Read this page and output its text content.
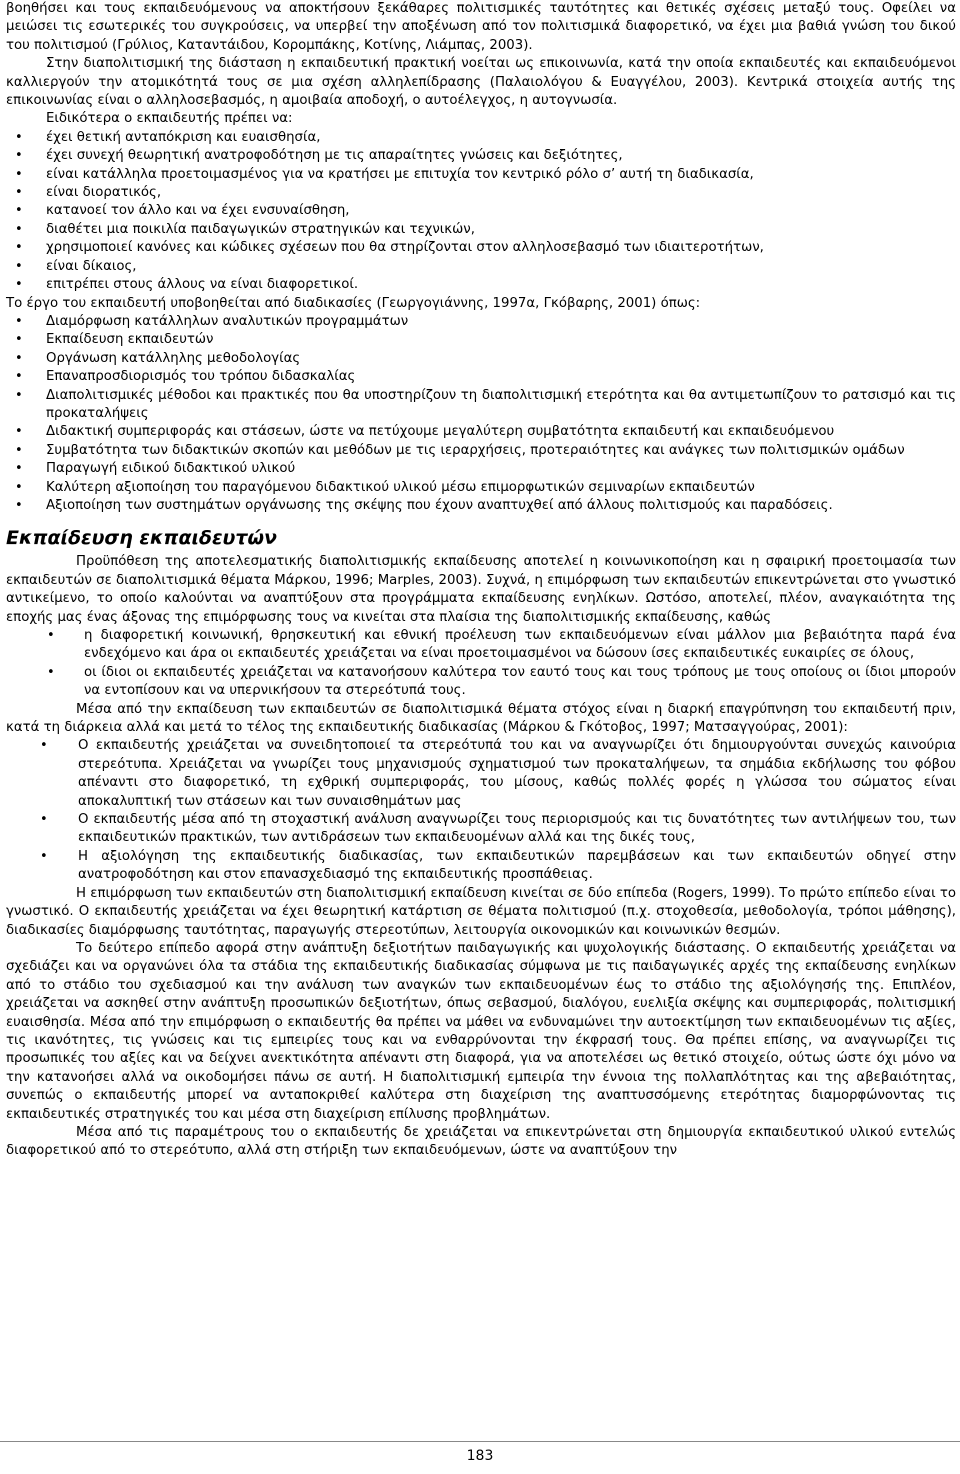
βοηθήσει και τους εκπαιδευόμενους να αποκτήσουν ξεκάθαρες πολιτισμικές ταυτότητες και θετικές σχέσεις μεταξύ τους. Οφείλει να μειώσει τις εσωτερικές του συγκρούσεις, να υπερβεί την αποξένωση από τον πολιτισμικά διαφορετικό, να έχει μια βαθιά γνώση του δικού του πολιτισμού (Γρύλιος, Καταντάιδου, Κορομπάκης, Κοτίνης, Λιάμπας, 2003).

Στην διαπολιτισμική της διάσταση η εκπαιδευτική πρακτική νοείται ως επικοινωνία, κατά την οποία εκπαιδευτές και εκπαιδευόμενοι καλλιεργούν την ατομικότητά τους σε μια σχέση αλληλεπίδρασης (Παλαιολόγου & Ευαγγέλου, 2003). Κεντρικά στοιχεία αυτής της επικοινωνίας είναι ο αλληλοσεβασμός, η αμοιβαία αποδοχή, ο αυτοέλεγχος, η αυτογνωσία.

Ειδικότερα ο εκπαιδευτής πρέπει να:

• έχει θετική ανταπόκριση και ευαισθησία,
• έχει συνεχή θεωρητική ανατροφοδότηση με τις απαραίτητες γνώσεις και δεξιότητες,
• είναι κατάλληλα προετοιμασμένος για να κρατήσει με επιτυχία τον κεντρικό ρόλο σ’ αυτή τη διαδικασία,
• είναι διορατικός,
• κατανοεί τον άλλο και να έχει ενσυναίσθηση,
• διαθέτει μια ποικιλία παιδαγωγικών στρατηγικών και τεχνικών,
• χρησιμοποιεί κανόνες και κώδικες σχέσεων που θα στηρίζονται στον αλληλοσεβασμό των ιδιαιτεροτήτων,
• είναι δίκαιος,
• επιτρέπει στους άλλους να είναι διαφορετικοί.

Το έργο του εκπαιδευτή υποβοηθείται από διαδικασίες (Γεωργογιάννης, 1997α, Γκόβαρης, 2001) όπως:

• Διαμόρφωση κατάλληλων αναλυτικών προγραμμάτων
• Εκπαίδευση εκπαιδευτών
• Οργάνωση κατάλληλης μεθοδολογίας
• Επαναπροσδιορισμός του τρόπου διδασκαλίας
• Διαπολιτισμικές μέθοδοι και πρακτικές που θα υποστηρίζουν τη διαπολιτισμική ετερότητα και θα αντιμετωπίζουν το ρατσισμό και τις προκαταλήψεις
• Διδακτική συμπεριφοράς και στάσεων, ώστε να πετύχουμε μεγαλύτερη συμβατότητα εκπαιδευτή και εκπαιδευόμενου
• Συμβατότητα των διδακτικών σκοπών και μεθόδων με τις ιεραρχήσεις, προτεραιότητες και ανάγκες των πολιτισμικών ομάδων
• Παραγωγή ειδικού διδακτικού υλικού
• Καλύτερη αξιοποίηση του παραγόμενου διδακτικού υλικού μέσω επιμορφωτικών σεμιναρίων εκπαιδευτών
• Αξιοποίηση των συστημάτων οργάνωσης της σκέψης που έχουν αναπτυχθεί από άλλους πολιτισμούς και παραδόσεις.
Εκπαίδευση εκπαιδευτών

Προϋπόθεση της αποτελεσματικής διαπολιτισμικής εκπαίδευσης αποτελεί η κοινωνικοποίηση και η σφαιρική προετοιμασία των εκπαιδευτών σε διαπολιτισμικά θέματα Μάρκου, 1996; Marples, 2003). Συχνά, η επιμόρφωση των εκπαιδευτών επικεντρώνεται στο γνωστικό αντικείμενο, το οποίο καλούνται να αναπτύξουν στα προγράμματα εκπαίδευσης ενηλίκων. Ωστόσο, αποτελεί, πλέον, αναγκαιότητα της εποχής μας ένας άξονας της επιμόρφωσης τους να κινείται στα πλαίσια της διαπολιτισμικής εκπαίδευσης, καθώς

• η διαφορετική κοινωνική, θρησκευτική και εθνική προέλευση των εκπαιδευόμενων είναι μάλλον μια βεβαιότητα παρά ένα ενδεχόμενο και άρα οι εκπαιδευτές χρειάζεται να είναι προετοιμασμένοι να δώσουν ίσες εκπαιδευτικές ευκαιρίες σε όλους,
• οι ίδιοι οι εκπαιδευτές χρειάζεται να κατανοήσουν καλύτερα τον εαυτό τους και τους τρόπους με τους οποίους οι ίδιοι μπορούν να εντοπίσουν και να υπερνικήσουν τα στερεότυπά τους.

Μέσα από την εκπαίδευση των εκπαιδευτών σε διαπολιτισμικά θέματα στόχος είναι η διαρκή επαγρύπνηση του εκπαιδευτή πριν, κατά τη διάρκεια αλλά και μετά το τέλος της εκπαιδευτικής διαδικασίας (Μάρκου & Γκότοβος, 1997; Ματσαγγούρας, 2001):

• Ο εκπαιδευτής χρειάζεται να συνειδητοποιεί τα στερεότυπά του και να αναγνωρίζει ότι δημιουργούνται συνεχώς καινούρια στερεότυπα. Χρειάζεται να γνωρίζει τους μηχανισμούς σχηματισμού των προκαταλήψεων, τα σημάδια εκδήλωσης του φόβου απέναντι στο διαφορετικό, τη εχθρική συμπεριφοράς, του μίσους, καθώς πολλές φορές η γλώσσα του σώματος είναι αποκαλυπτική των στάσεων και των συναισθημάτων μας
• Ο εκπαιδευτής μέσα από τη στοχαστική ανάλυση αναγνωρίζει τους περιορισμούς και τις δυνατότητες των αντιλήψεων του, των εκπαιδευτικών πρακτικών, των αντιδράσεων των εκπαιδευομένων αλλά και της δικές τους,
• Η αξιολόγηση της εκπαιδευτικής διαδικασίας, των εκπαιδευτικών παρεμβάσεων και των εκπαιδευτών οδηγεί στην ανατροφοδότηση και στον επανασχεδιασμό της εκπαιδευτικής προσπάθειας.

Η επιμόρφωση των εκπαιδευτών στη διαπολιτισμική εκπαίδευση κινείται σε δύο επίπεδα (Rogers, 1999). Το πρώτο επίπεδο είναι το γνωστικό. Ο εκπαιδευτής χρειάζεται να έχει θεωρητική κατάρτιση σε θέματα πολιτισμού (π.χ. στοχοθεσία, μεθοδολογία, τρόποι μάθησης), διαδικασίες διαμόρφωσης ταυτότητας, παραγωγής στερεοτύπων, λειτουργία οικονομικών και κοινωνικών θεσμών.

Το δεύτερο επίπεδο αφορά στην ανάπτυξη δεξιοτήτων παιδαγωγικής και ψυχολογικής διάστασης. Ο εκπαιδευτής χρειάζεται να σχεδιάζει και να οργανώνει όλα τα στάδια της εκπαιδευτικής διαδικασίας σύμφωνα με τις παιδαγωγικές αρχές της εκπαίδευσης ενηλίκων από το στάδιο του σχεδιασμού και την ανάλυση των αναγκών των εκπαιδευομένων έως το στάδιο της αξιολόγησής της. Επιπλέον, χρειάζεται να ασκηθεί στην ανάπτυξη προσωπικών δεξιοτήτων, όπως σεβασμού, διαλόγου, ευελιξία σκέψης και συμπεριφοράς, πολιτισμική ευαισθησία. Μέσα από την επιμόρφωση ο εκπαιδευτής θα πρέπει να μάθει να ενδυναμώνει την αυτοεκτίμηση των εκπαιδευομένων τις αξίες, τις ικανότητες, τις γνώσεις και τις εμπειρίες τους και να ενθαρρύνονται την έκφρασή τους. Θα πρέπει επίσης, να αναγνωρίζει τις προσωπικές του αξίες και να δείχνει ανεκτικότητα απέναντι στη διαφορά, για να αποτελέσει ως θετικό στοιχείο, ούτως ώστε όχι μόνο να την κατανοήσει αλλά να οικοδομήσει πάνω σε αυτή. Η διαπολιτισμική εμπειρία την έννοια της πολλαπλότητας και της αβεβαιότητας, συνεπώς ο εκπαιδευτής μπορεί να ανταποκριθεί καλύτερα στη διαχείριση της αναπτυσσόμενης ετερότητας διαμορφώνοντας τις εκπαιδευτικές στρατηγικές του και μέσα στη διαχείριση επίλυσης προβλημάτων.

Μέσα από τις παραμέτρους του ο εκπαιδευτής δε χρειάζεται να επικεντρώνεται στη δημιουργία εκπαιδευτικού υλικού εντελώς διαφορετικού από το στερεότυπο, αλλά στη στήριξη των εκπαιδευόμενων, ώστε να αναπτύξουν την

183
